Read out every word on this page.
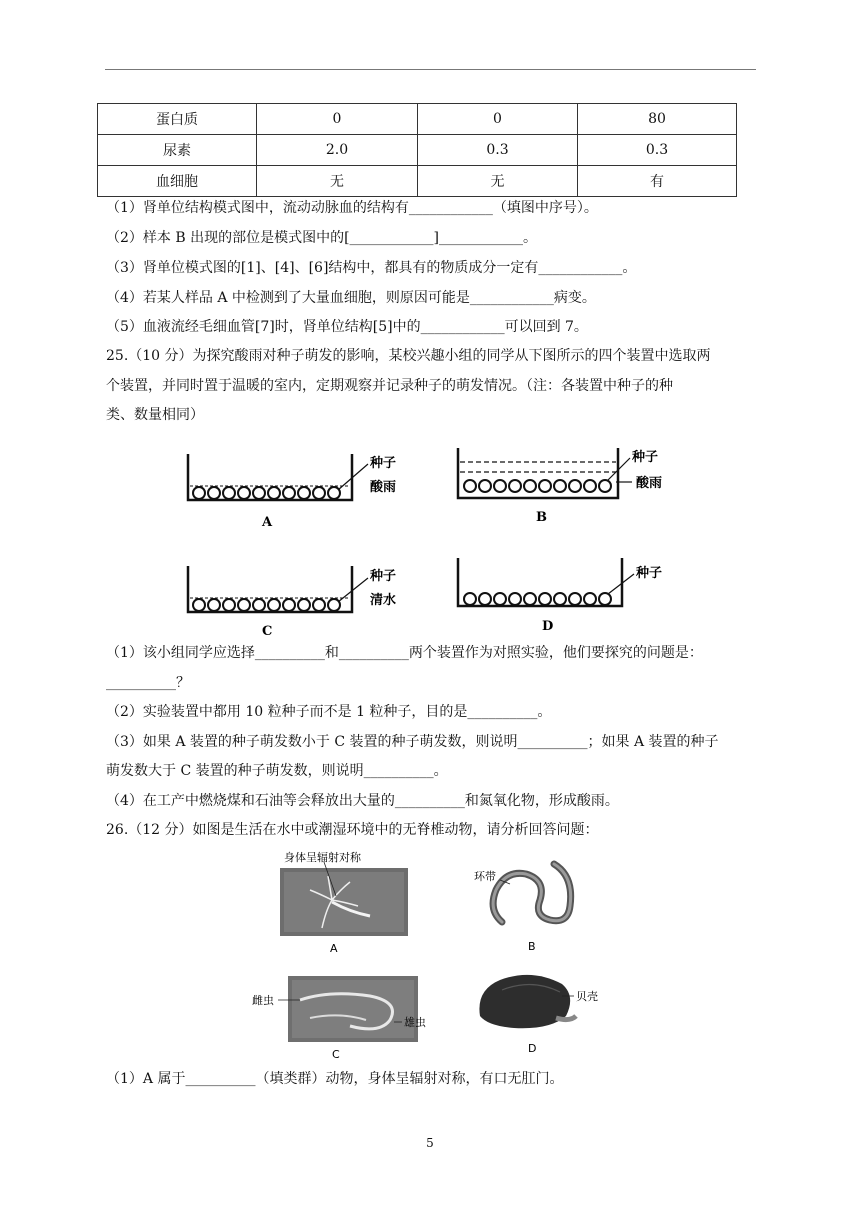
蛋白质	0	0	80
尿素	2.0	0.3	0.3
血细胞	无	无	有
（1）肾单位结构模式图中，流动动脉血的结构有____________（填图中序号）。
（2）样本 B 出现的部位是模式图中的[____________]____________。
（3）肾单位模式图的[1]、[4]、[6]结构中，都具有的物质成分一定有____________。
（4）若某人样品 A 中检测到了大量血细胞，则原因可能是____________病变。
（5）血液流经毛细血管[7]时，肾单位结构[5]中的____________可以回到 7。
25.（10 分）为探究酸雨对种子萌发的影响，某校兴趣小组的同学从下图所示的四个装置中选取两
个装置，并同时置于温暖的室内，定期观察并记录种子的萌发情况。（注：各装置中种子的种
类、数量相同）
种子
酸雨
A
种子
酸雨
B
种子
清水
C
种子
D
（1）该小组同学应选择__________和__________两个装置作为对照实验，他们要探究的问题是：
__________？
（2）实验装置中都用 10 粒种子而不是 1 粒种子，目的是__________。
（3）如果 A 装置的种子萌发数小于 C 装置的种子萌发数，则说明__________；如果 A 装置的种子
萌发数大于 C 装置的种子萌发数，则说明__________。
（4）在工产中燃烧煤和石油等会释放出大量的__________和氮氧化物，形成酸雨。
26.（12 分）如图是生活在水中或潮湿环境中的无脊椎动物，请分析回答问题：
身体呈辐射对称
A
环带
B
雌虫
雄虫
C
贝壳
D
（1）A 属于__________（填类群）动物，身体呈辐射对称，有口无肛门。
5
